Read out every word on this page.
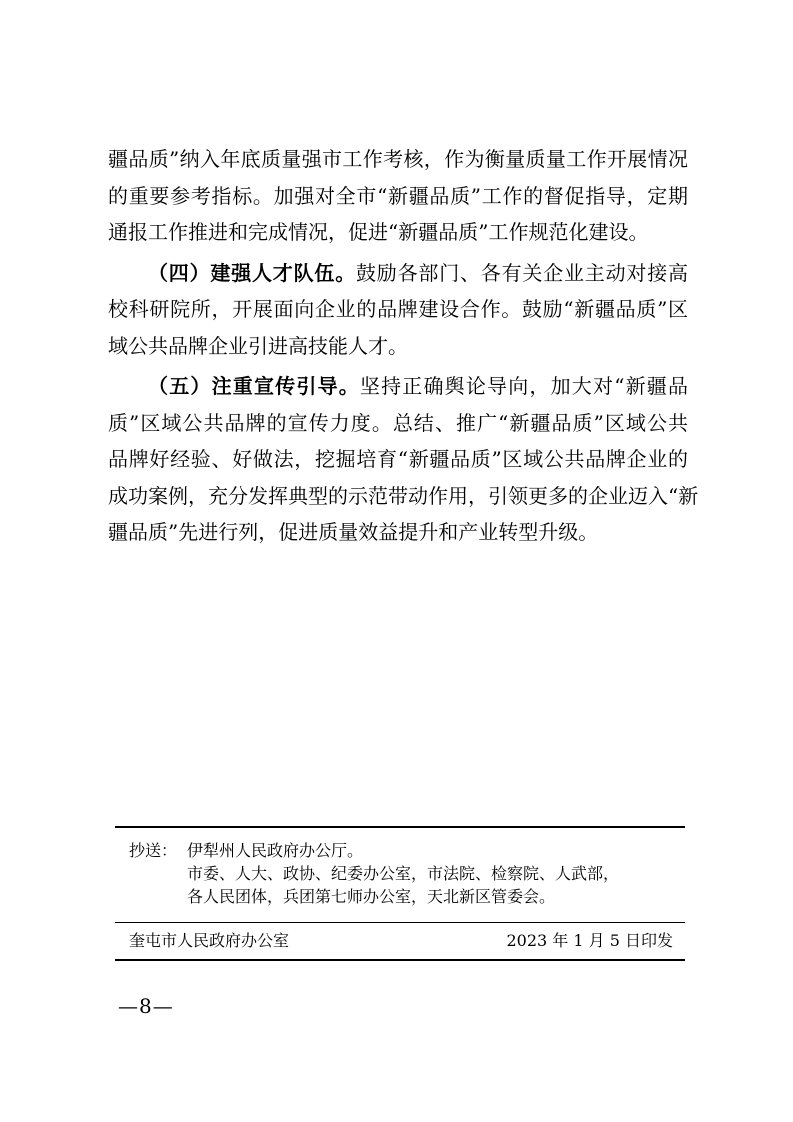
疆品质”纳入年底质量强市工作考核，作为衡量质量工作开展情况
的重要参考指标。加强对全市“新疆品质”工作的督促指导，定期
通报工作推进和完成情况，促进“新疆品质”工作规范化建设。
（四）建强人才队伍。鼓励各部门、各有关企业主动对接高
校科研院所，开展面向企业的品牌建设合作。鼓励“新疆品质”区
域公共品牌企业引进高技能人才。
（五）注重宣传引导。坚持正确舆论导向，加大对“新疆品
质”区域公共品牌的宣传力度。总结、推广“新疆品质”区域公共
品牌好经验、好做法，挖掘培育“新疆品质”区域公共品牌企业的
成功案例，充分发挥典型的示范带动作用，引领更多的企业迈入“新
疆品质”先进行列，促进质量效益提升和产业转型升级。
抄送： 伊犁州人民政府办公厅。
市委、人大、政协、纪委办公室，市法院、检察院、人武部，
各人民团体，兵团第七师办公室，天北新区管委会。
奎屯市人民政府办公室	2023 年 1 月 5 日印发
—8—
